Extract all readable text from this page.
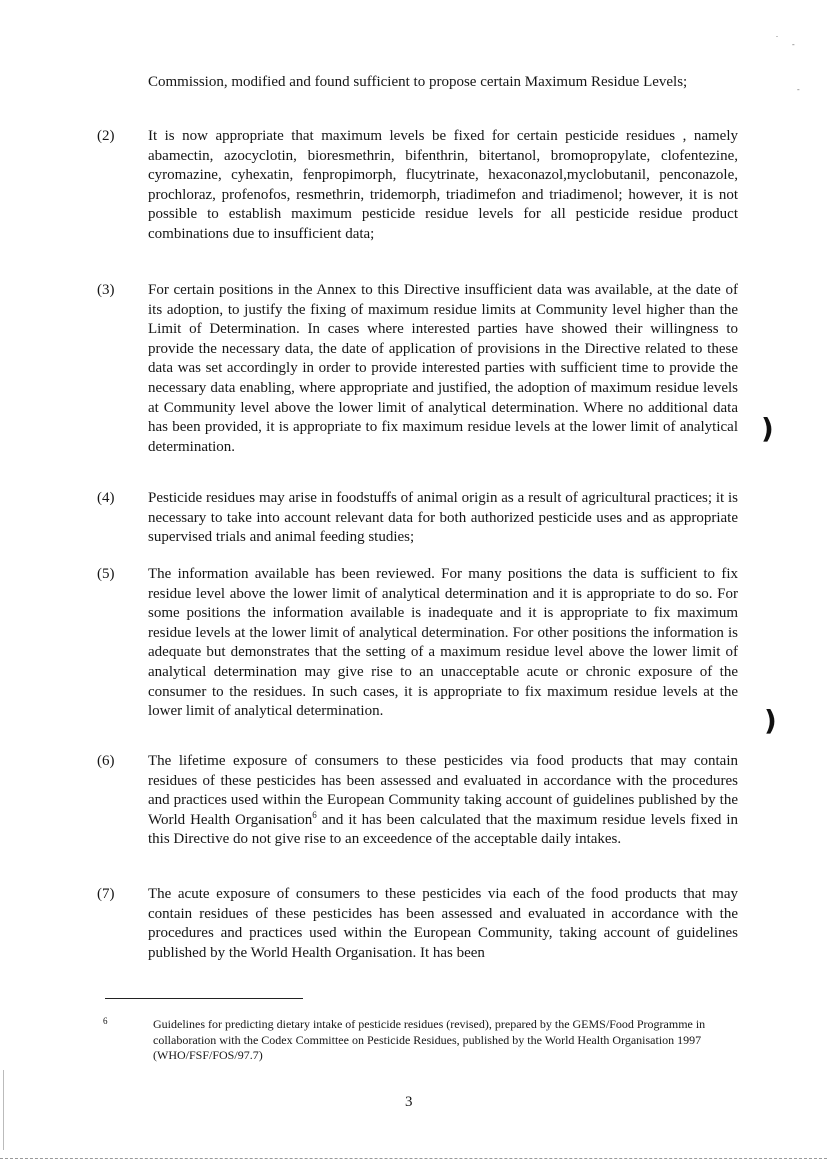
Commission, modified and found sufficient to propose certain Maximum Residue Levels;

(2) It is now appropriate that maximum levels be fixed for certain pesticide residues , namely abamectin, azocyclotin, bioresmethrin, bifenthrin, bitertanol, bromopropylate, clofentezine, cyromazine, cyhexatin, fenpropimorph, flucytrinate, hexaconazol,myclobutanil, penconazole, prochloraz, profenofos, resmethrin, tridemorph, triadimefon and triadimenol; however, it is not possible to establish maximum pesticide residue levels for all pesticide residue product combinations due to insufficient data;

(3) For certain positions in the Annex to this Directive insufficient data was available, at the date of its adoption, to justify the fixing of maximum residue limits at Community level higher than the Limit of Determination. In cases where interested parties have showed their willingness to provide the necessary data, the date of application of provisions in the Directive related to these data was set accordingly in order to provide interested parties with sufficient time to provide the necessary data enabling, where appropriate and justified, the adoption of maximum residue levels at Community level above the lower limit of analytical determination. Where no additional data has been provided, it is appropriate to fix maximum residue levels at the lower limit of analytical determination.

(4) Pesticide residues may arise in foodstuffs of animal origin as a result of agricultural practices; it is necessary to take into account relevant data for both authorized pesticide uses and as appropriate supervised trials and animal feeding studies;

(5) The information available has been reviewed. For many positions the data is sufficient to fix residue level above the lower limit of analytical determination and it is appropriate to do so. For some positions the information available is inadequate and it is appropriate to fix maximum residue levels at the lower limit of analytical determination. For other positions the information is adequate but demonstrates that the setting of a maximum residue level above the lower limit of analytical determination may give rise to an unacceptable acute or chronic exposure of the consumer to the residues. In such cases, it is appropriate to fix maximum residue levels at the lower limit of analytical determination.

(6) The lifetime exposure of consumers to these pesticides via food products that may contain residues of these pesticides has been assessed and evaluated in accordance with the procedures and practices used within the European Community taking account of guidelines published by the World Health Organisation$^6$ and it has been calculated that the maximum residue levels fixed in this Directive do not give rise to an exceedence of the acceptable daily intakes.

(7) The acute exposure of consumers to these pesticides via each of the food products that may contain residues of these pesticides has been assessed and evaluated in accordance with the procedures and practices used within the European Community, taking account of guidelines published by the World Health Organisation. It has been

6	Guidelines for predicting dietary intake of pesticide residues (revised), prepared by the GEMS/Food Programme in collaboration with the Codex Committee on Pesticide Residues, published by the World Health Organisation 1997 (WHO/FSF/FOS/97.7)

3
)
)
.
-
-
